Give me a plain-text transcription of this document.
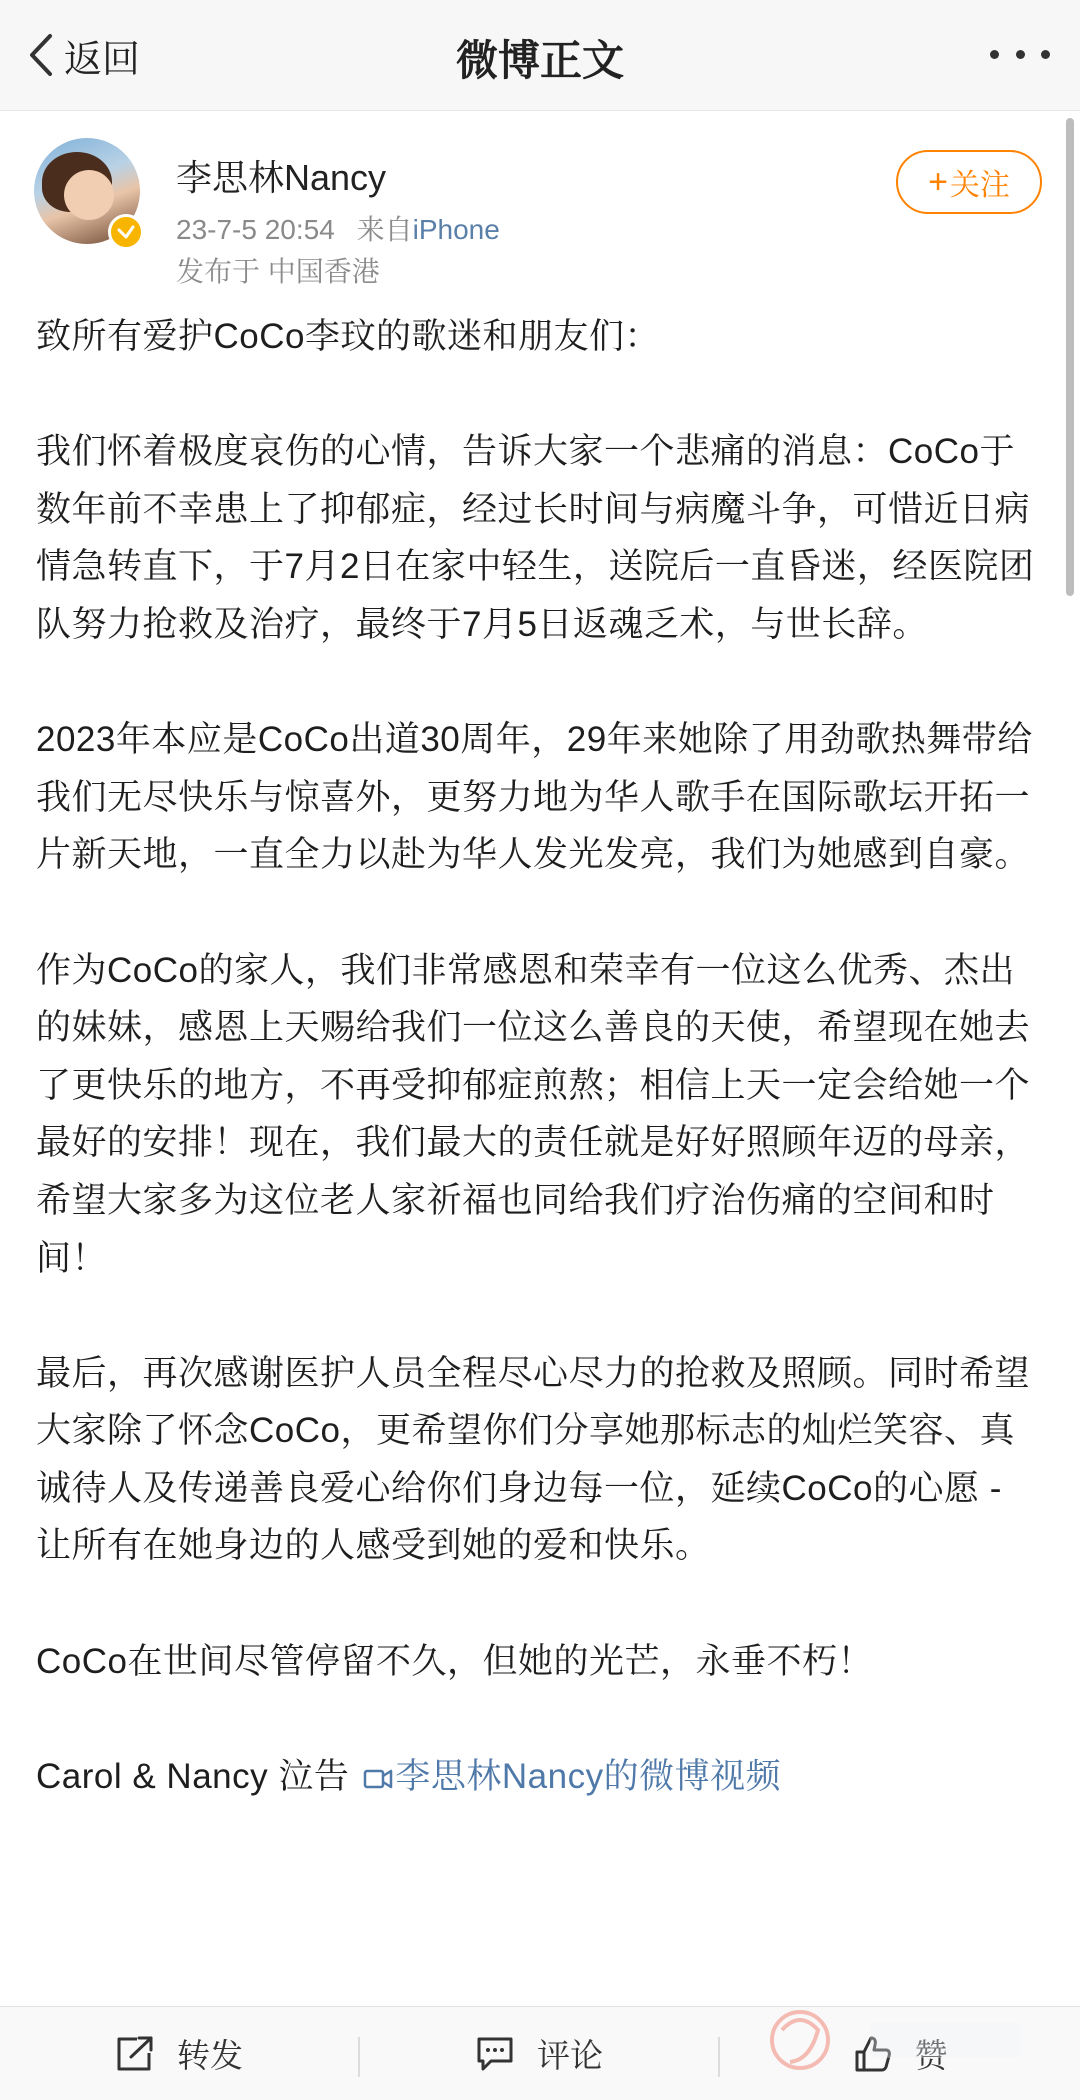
返回	微博正文
李思林Nancy
23-7-5 20:54 来自iPhone
发布于 中国香港
+ 关注

致所有爱护CoCo李玟的歌迷和朋友们：

我们怀着极度哀伤的心情，告诉大家一个悲痛的消息：CoCo于数年前不幸患上了抑郁症，经过长时间与病魔斗争，可惜近日病情急转直下，于7月2日在家中轻生，送院后一直昏迷，经医院团队努力抢救及治疗，最终于7月5日返魂乏术，与世长辞。

2023年本应是CoCo出道30周年，29年来她除了用劲歌热舞带给我们无尽快乐与惊喜外，更努力地为华人歌手在国际歌坛开拓一片新天地，一直全力以赴为华人发光发亮，我们为她感到自豪。

作为CoCo的家人，我们非常感恩和荣幸有一位这么优秀、杰出的妹妹，感恩上天赐给我们一位这么善良的天使，希望现在她去了更快乐的地方，不再受抑郁症煎熬；相信上天一定会给她一个最好的安排！现在，我们最大的责任就是好好照顾年迈的母亲，希望大家多为这位老人家祈福也同给我们疗治伤痛的空间和时间！

最后，再次感谢医护人员全程尽心尽力的抢救及照顾。同时希望大家除了怀念CoCo，更希望你们分享她那标志的灿烂笑容、真诚待人及传递善良爱心给你们身边每一位，延续CoCo的心愿 - 让所有在她身边的人感受到她的爱和快乐。

CoCo在世间尽管停留不久，但她的光芒，永垂不朽！

Carol & Nancy 泣告 李思林Nancy的微博视频

转发	评论	赞
